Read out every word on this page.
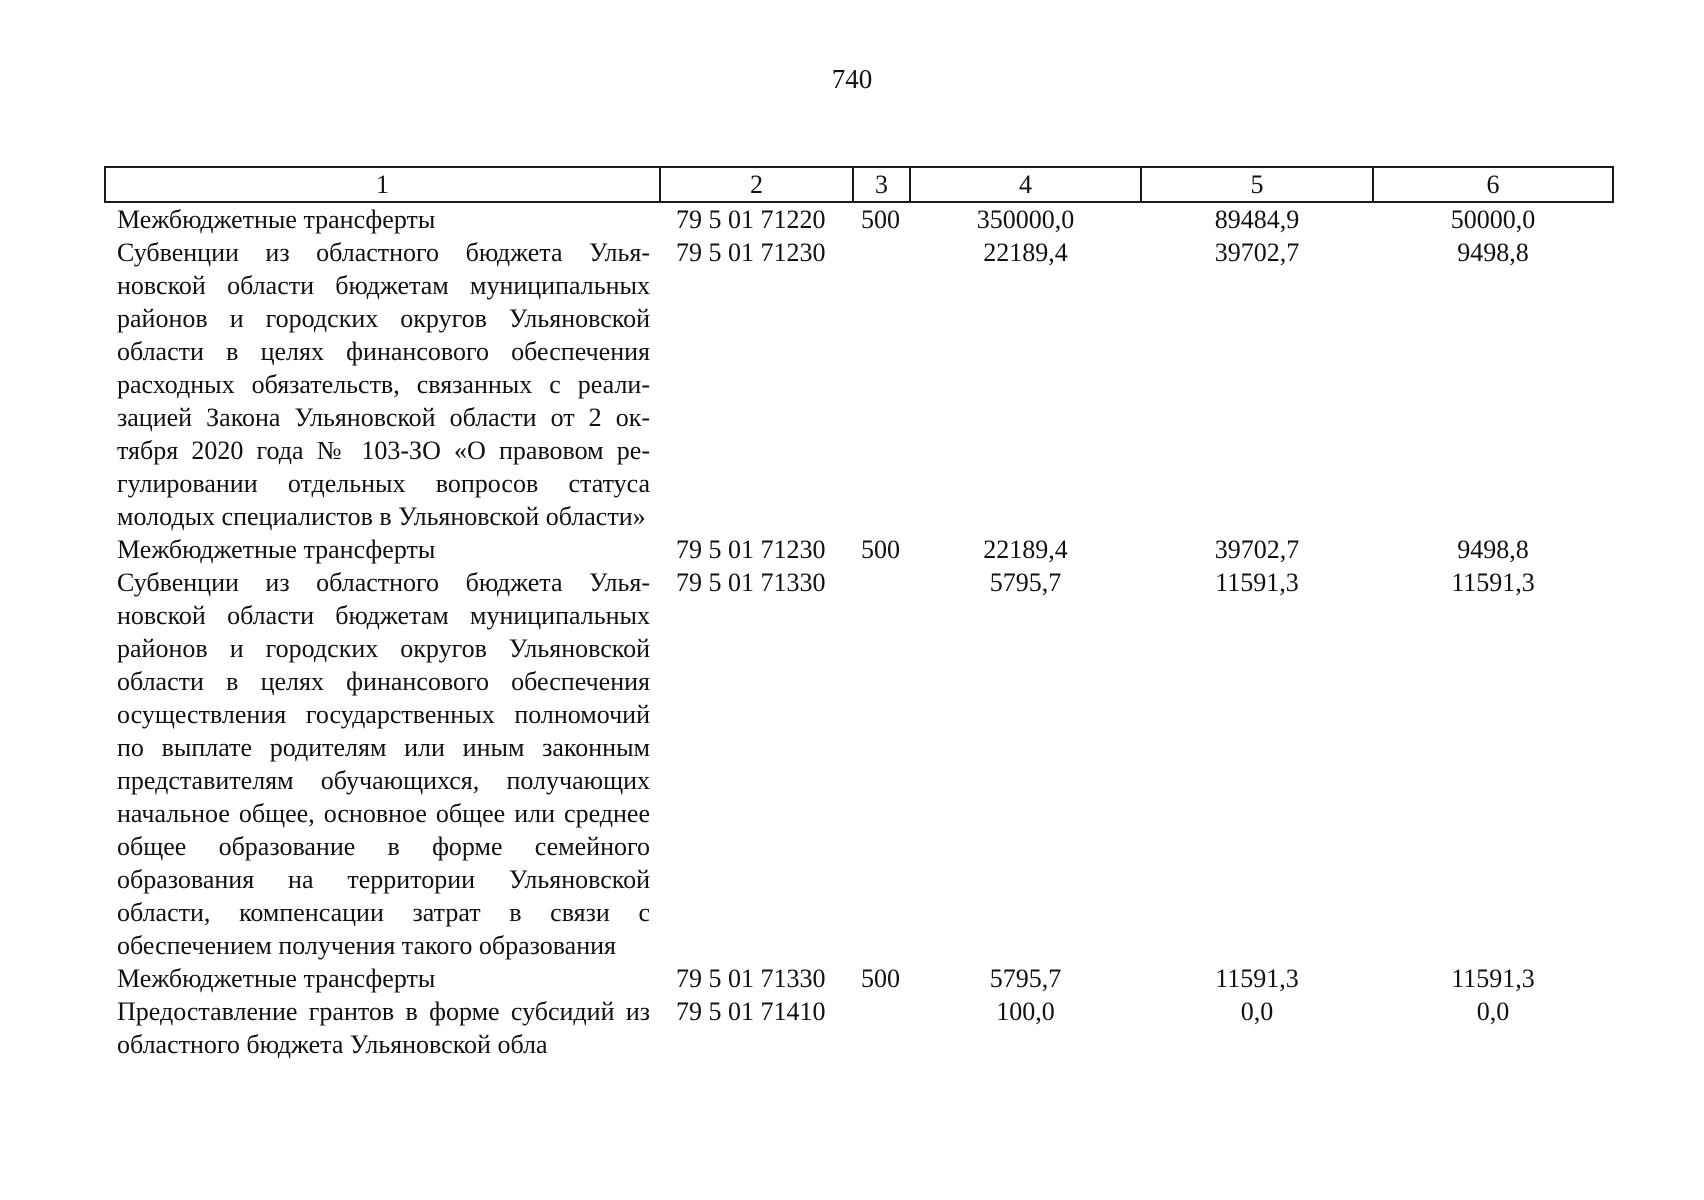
740
1	2	3	4	5	6
Межбюджетные трансферты	79 5 01 71220	500	350000,0	89484,9	50000,0
Субвенции из областного бюджета Ульяновской области бюджетам муниципальных районов и городских округов Ульяновской области в целях финансового обеспечения расходных обязательств, связанных с реализацией Закона Ульяновской области от 2 октября 2020 года № 103-ЗО «О правовом регулировании отдельных вопросов статуса молодых специалистов в Ульяновской области»	79 5 01 71230		22189,4	39702,7	9498,8
Межбюджетные трансферты	79 5 01 71230	500	22189,4	39702,7	9498,8
Субвенции из областного бюджета Ульяновской области бюджетам муниципальных районов и городских округов Ульяновской области в целях финансового обеспечения осуществления государственных полномочий по выплате родителям или иным законным представителям обучающихся, получающих начальное общее, основное общее или среднее общее образование в форме семейного образования на территории Ульяновской области, компенсации затрат в связи с обеспечением получения такого образования	79 5 01 71330		5795,7	11591,3	11591,3
Межбюджетные трансферты	79 5 01 71330	500	5795,7	11591,3	11591,3
Предоставление грантов в форме субсидий из областного бюджета Ульяновской обла	79 5 01 71410		100,0	0,0	0,0
